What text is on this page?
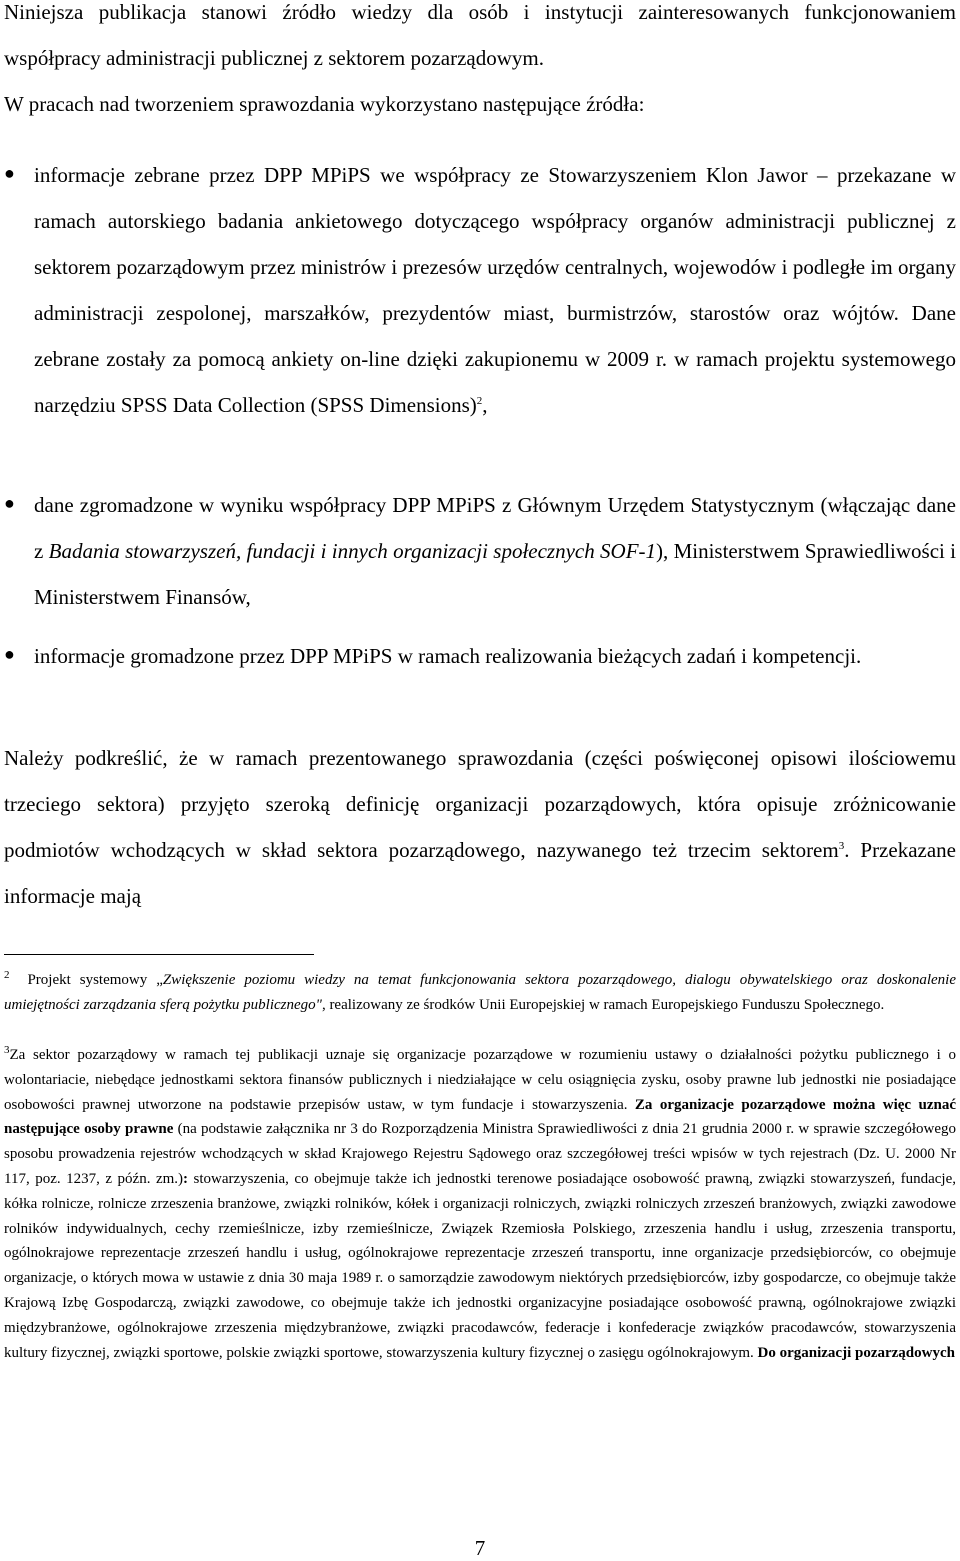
Niniejsza publikacja stanowi źródło wiedzy dla osób i instytucji zainteresowanych funkcjonowaniem współpracy administracji publicznej z sektorem pozarządowym.
W pracach nad tworzeniem sprawozdania wykorzystano następujące źródła:

● informacje zebrane przez DPP MPiPS we współpracy ze Stowarzyszeniem Klon Jawor – przekazane w ramach autorskiego badania ankietowego dotyczącego współpracy organów administracji publicznej z sektorem pozarządowym przez ministrów i prezesów urzędów centralnych, wojewodów i podległe im organy administracji zespolonej, marszałków, prezydentów miast, burmistrzów, starostów oraz wójtów. Dane zebrane zostały za pomocą ankiety on-line dzięki zakupionemu w 2009 r. w ramach projektu systemowego narzędziu SPSS Data Collection (SPSS Dimensions)$^2$,

● dane zgromadzone w wyniku współpracy DPP MPiPS z Głównym Urzędem Statystycznym (włączając dane z Badania stowarzyszeń, fundacji i innych organizacji społecznych SOF-1), Ministerstwem Sprawiedliwości i Ministerstwem Finansów,

● informacje gromadzone przez DPP MPiPS w ramach realizowania bieżących zadań i kompetencji.

Należy podkreślić, że w ramach prezentowanego sprawozdania (części poświęconej opisowi ilościowemu trzeciego sektora) przyjęto szeroką definicję organizacji pozarządowych, która opisuje zróżnicowanie podmiotów wchodzących w skład sektora pozarządowego, nazywanego też trzecim sektorem$^3$. Przekazane informacje mają

$^2$ Projekt systemowy „Zwiększenie poziomu wiedzy na temat funkcjonowania sektora pozarządowego, dialogu obywatelskiego oraz doskonalenie umiejętności zarządzania sferą pożytku publicznego", realizowany ze środków Unii Europejskiej w ramach Europejskiego Funduszu Społecznego.

$^3$Za sektor pozarządowy w ramach tej publikacji uznaje się organizacje pozarządowe w rozumieniu ustawy o działalności pożytku publicznego i o wolontariacie, niebędące jednostkami sektora finansów publicznych i niedziałające w celu osiągnięcia zysku, osoby prawne lub jednostki nie posiadające osobowości prawnej utworzone na podstawie przepisów ustaw, w tym fundacje i stowarzyszenia. Za organizacje pozarządowe można więc uznać następujące osoby prawne (na podstawie załącznika nr 3 do Rozporządzenia Ministra Sprawiedliwości z dnia 21 grudnia 2000 r. w sprawie szczegółowego sposobu prowadzenia rejestrów wchodzących w skład Krajowego Rejestru Sądowego oraz szczegółowej treści wpisów w tych rejestrach (Dz. U. 2000 Nr 117, poz. 1237, z późn. zm.): stowarzyszenia, co obejmuje także ich jednostki terenowe posiadające osobowość prawną, związki stowarzyszeń, fundacje, kółka rolnicze, rolnicze zrzeszenia branżowe, związki rolników, kółek i organizacji rolniczych, związki rolniczych zrzeszeń branżowych, związki zawodowe rolników indywidualnych, cechy rzemieślnicze, izby rzemieślnicze, Związek Rzemiosła Polskiego, zrzeszenia handlu i usług, zrzeszenia transportu, ogólnokrajowe reprezentacje zrzeszeń handlu i usług, ogólnokrajowe reprezentacje zrzeszeń transportu, inne organizacje przedsiębiorców, co obejmuje organizacje, o których mowa w ustawie z dnia 30 maja 1989 r. o samorządzie zawodowym niektórych przedsiębiorców, izby gospodarcze, co obejmuje także Krajową Izbę Gospodarczą, związki zawodowe, co obejmuje także ich jednostki organizacyjne posiadające osobowość prawną, ogólnokrajowe związki międzybranżowe, ogólnokrajowe zrzeszenia międzybranżowe, związki pracodawców, federacje i konfederacje związków pracodawców, stowarzyszenia kultury fizycznej, związki sportowe, polskie związki sportowe, stowarzyszenia kultury fizycznej o zasięgu ogólnokrajowym. Do organizacji pozarządowych

7
